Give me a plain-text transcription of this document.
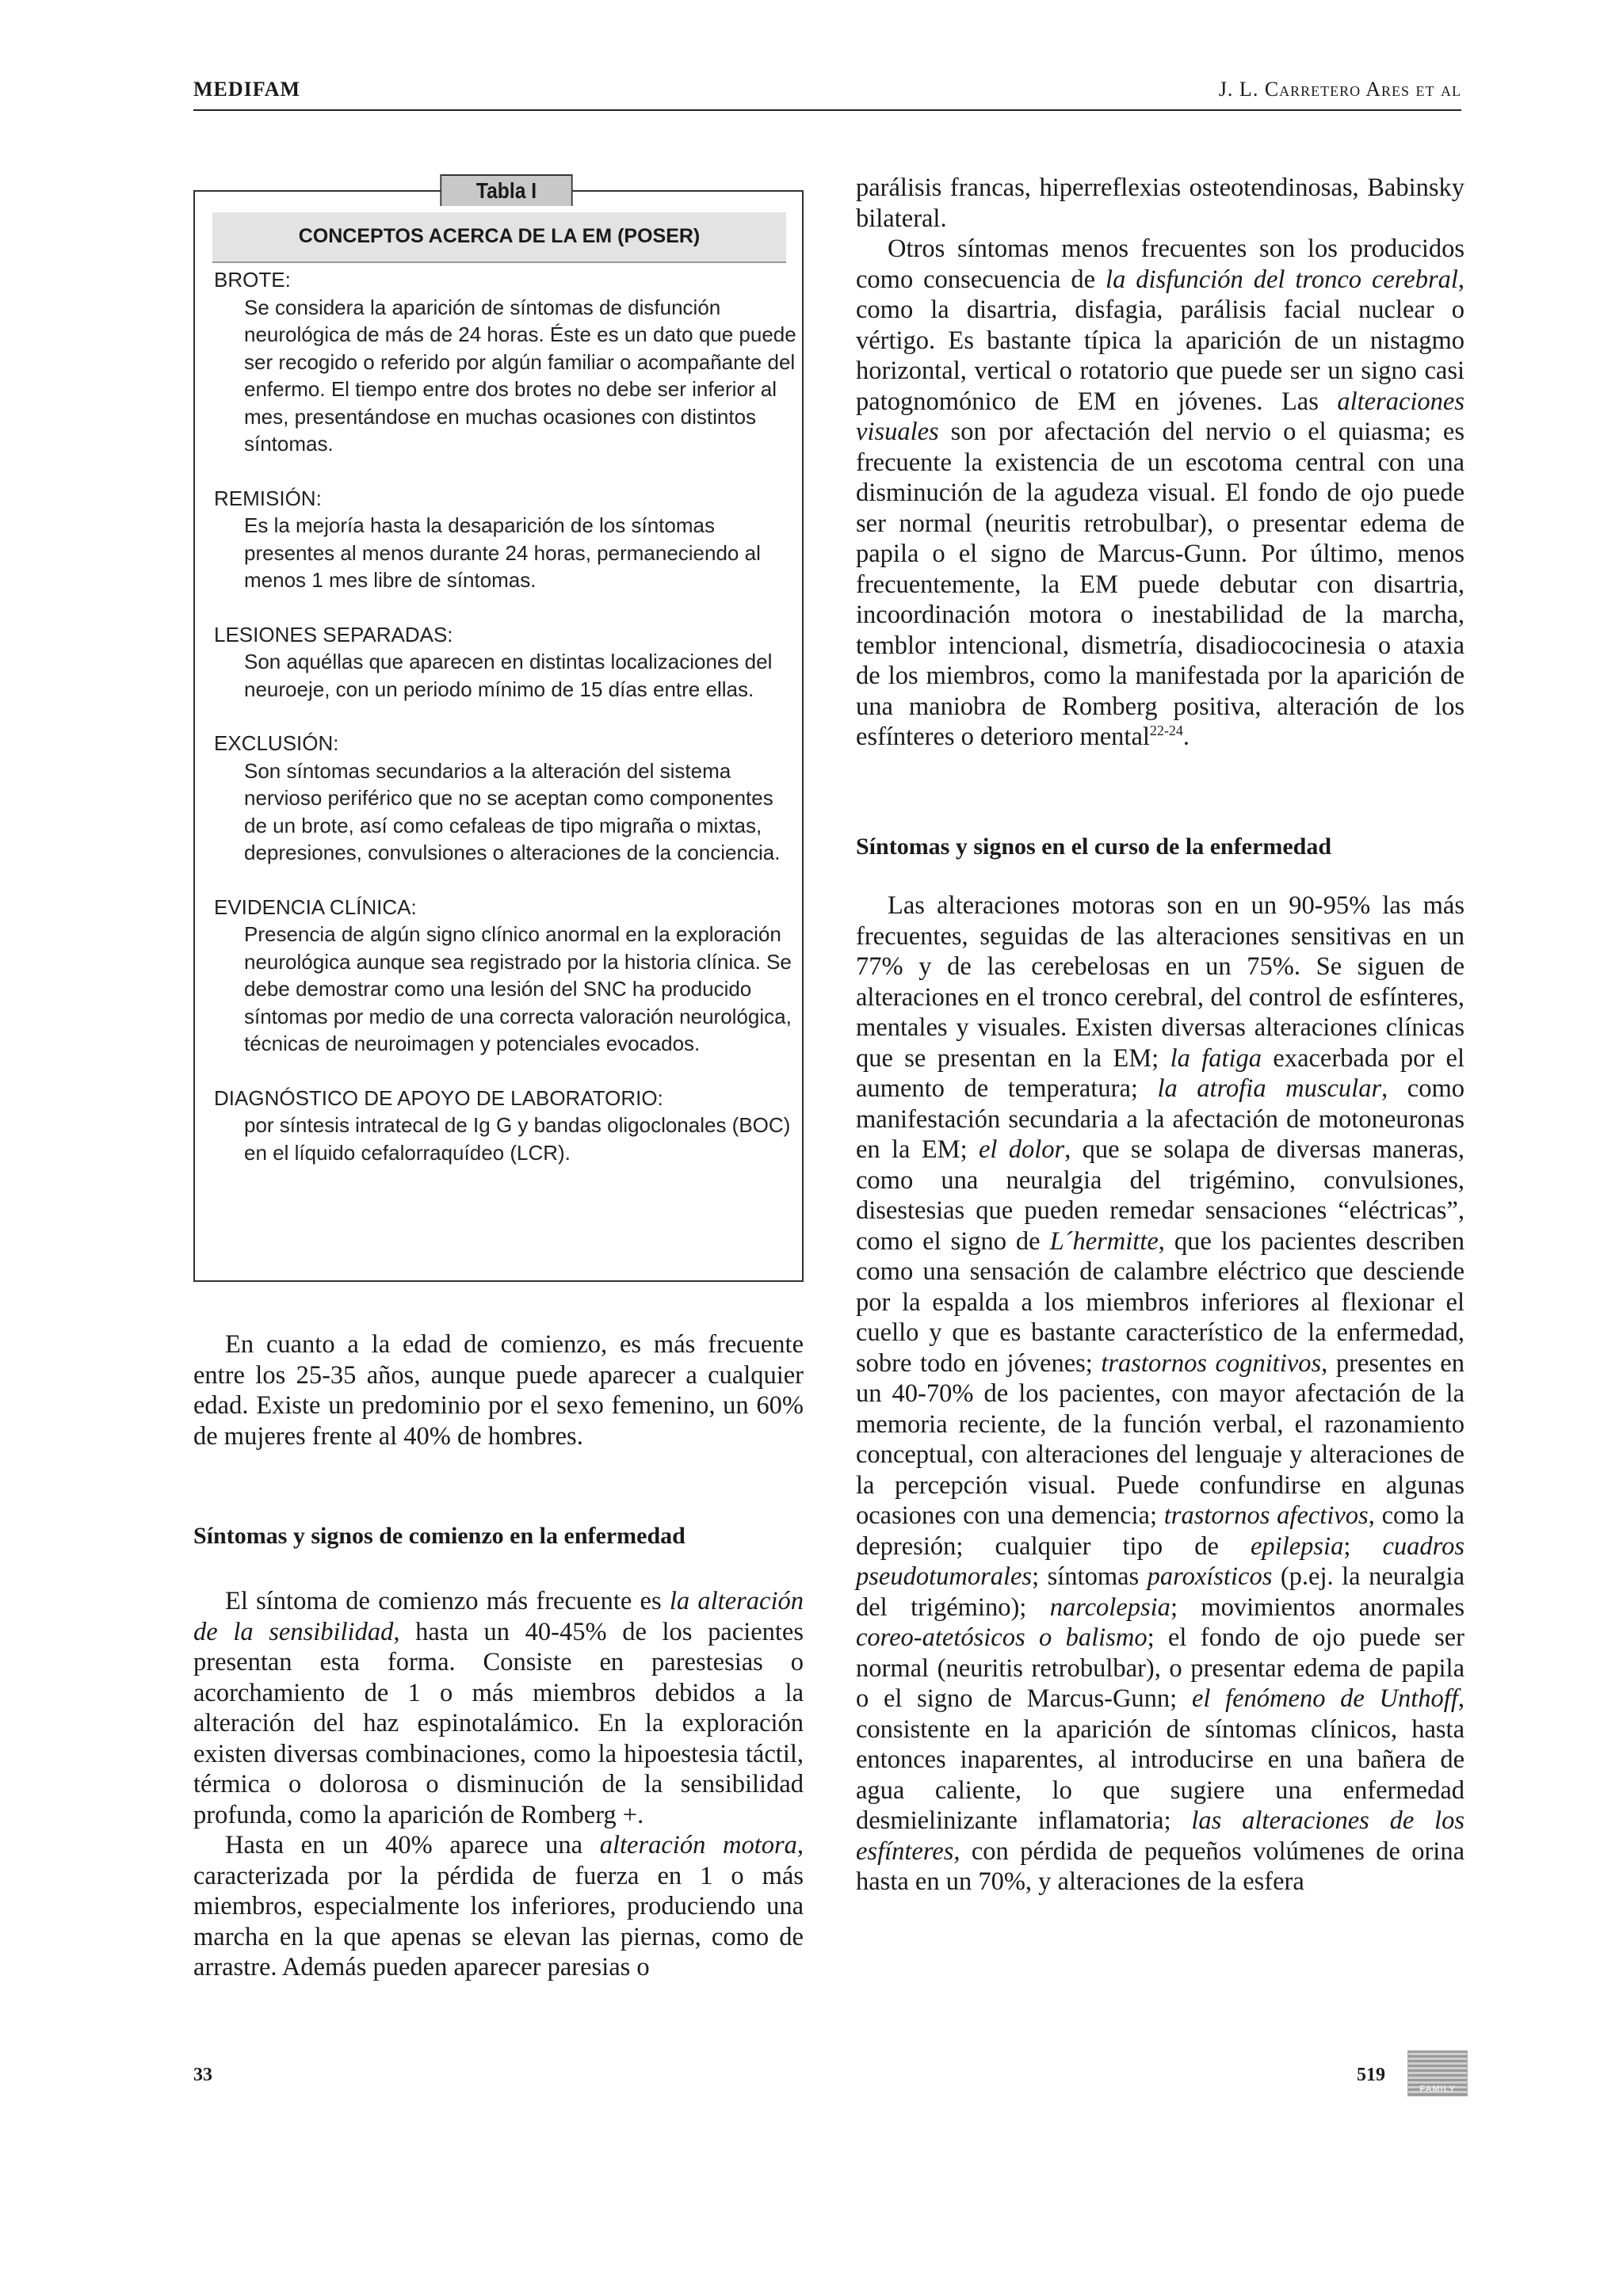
MEDIFAM	J. L. Carretero Ares et al
Tabla I
CONCEPTOS ACERCA DE LA EM (POSER)
BROTE:
Se considera la aparición de síntomas de disfunción neurológica de más de 24 horas. Éste es un dato que puede ser recogido o referido por algún familiar o acompañante del enfermo. El tiempo entre dos brotes no debe ser inferior al mes, presentándose en muchas ocasiones con distintos síntomas.
REMISIÓN:
Es la mejoría hasta la desaparición de los síntomas presentes al menos durante 24 horas, permaneciendo al menos 1 mes libre de síntomas.
LESIONES SEPARADAS:
Son aquéllas que aparecen en distintas localizaciones del neuroeje, con un periodo mínimo de 15 días entre ellas.
EXCLUSIÓN:
Son síntomas secundarios a la alteración del sistema nervioso periférico que no se aceptan como componentes de un brote, así como cefaleas de tipo migraña o mixtas, depresiones, convulsiones o alteraciones de la conciencia.
EVIDENCIA CLÍNICA:
Presencia de algún signo clínico anormal en la exploración neurológica aunque sea registrado por la historia clínica. Se debe demostrar como una lesión del SNC ha producido síntomas por medio de una correcta valoración neurológica, técnicas de neuroimagen y potenciales evocados.
DIAGNÓSTICO DE APOYO DE LABORATORIO:
por síntesis intratecal de Ig G y bandas oligoclonales (BOC) en el líquido cefalorraquídeo (LCR).

En cuanto a la edad de comienzo, es más frecuente entre los 25-35 años, aunque puede aparecer a cualquier edad. Existe un predominio por el sexo femenino, un 60% de mujeres frente al 40% de hombres.

Síntomas y signos de comienzo en la enfermedad

El síntoma de comienzo más frecuente es la alteración de la sensibilidad, hasta un 40-45% de los pacientes presentan esta forma. Consiste en parestesias o acorchamiento de 1 o más miembros debidos a la alteración del haz espinotalámico. En la exploración existen diversas combinaciones, como la hipoestesia táctil, térmica o dolorosa o disminución de la sensibilidad profunda, como la aparición de Romberg +.

Hasta en un 40% aparece una alteración motora, caracterizada por la pérdida de fuerza en 1 o más miembros, especialmente los inferiores, produciendo una marcha en la que apenas se elevan las piernas, como de arrastre. Además pueden aparecer paresias o

parálisis francas, hiperreflexias osteotendinosas, Babinsky bilateral.

Otros síntomas menos frecuentes son los producidos como consecuencia de la disfunción del tronco cerebral, como la disartria, disfagia, parálisis facial nuclear o vértigo. Es bastante típica la aparición de un nistagmo horizontal, vertical o rotatorio que puede ser un signo casi patognomónico de EM en jóvenes. Las alteraciones visuales son por afectación del nervio o el quiasma; es frecuente la existencia de un escotoma central con una disminución de la agudeza visual. El fondo de ojo puede ser normal (neuritis retrobulbar), o presentar edema de papila o el signo de Marcus-Gunn. Por último, menos frecuentemente, la EM puede debutar con disartria, incoordinación motora o inestabilidad de la marcha, temblor intencional, dismetría, disadiococinesia o ataxia de los miembros, como la manifestada por la aparición de una maniobra de Romberg positiva, alteración de los esfínteres o deterioro mental$^{22-24}$.

Síntomas y signos en el curso de la enfermedad

Las alteraciones motoras son en un 90-95% las más frecuentes, seguidas de las alteraciones sensitivas en un 77% y de las cerebelosas en un 75%. Se siguen de alteraciones en el tronco cerebral, del control de esfínteres, mentales y visuales. Existen diversas alteraciones clínicas que se presentan en la EM; la fatiga exacerbada por el aumento de temperatura; la atrofia muscular, como manifestación secundaria a la afectación de motoneuronas en la EM; el dolor, que se solapa de diversas maneras, como una neuralgia del trigémino, convulsiones, disestesias que pueden remedar sensaciones “eléctricas”, como el signo de L´hermitte, que los pacientes describen como una sensación de calambre eléctrico que desciende por la espalda a los miembros inferiores al flexionar el cuello y que es bastante característico de la enfermedad, sobre todo en jóvenes; trastornos cognitivos, presentes en un 40-70% de los pacientes, con mayor afectación de la memoria reciente, de la función verbal, el razonamiento conceptual, con alteraciones del lenguaje y alteraciones de la percepción visual. Puede confundirse en algunas ocasiones con una demencia; trastornos afectivos, como la depresión; cualquier tipo de epilepsia; cuadros pseudotumorales; síntomas paroxísticos (p.ej. la neuralgia del trigémino); narcolepsia; movimientos anormales coreo-atetósicos o balismo; el fondo de ojo puede ser normal (neuritis retrobulbar), o presentar edema de papila o el signo de Marcus-Gunn; el fenómeno de Unthoff, consistente en la aparición de síntomas clínicos, hasta entonces inaparentes, al introducirse en una bañera de agua caliente, lo que sugiere una enfermedad desmielinizante inflamatoria; las alteraciones de los esfínteres, con pérdida de pequeños volúmenes de orina hasta en un 70%, y alteraciones de la esfera

33	519
FAMILY
